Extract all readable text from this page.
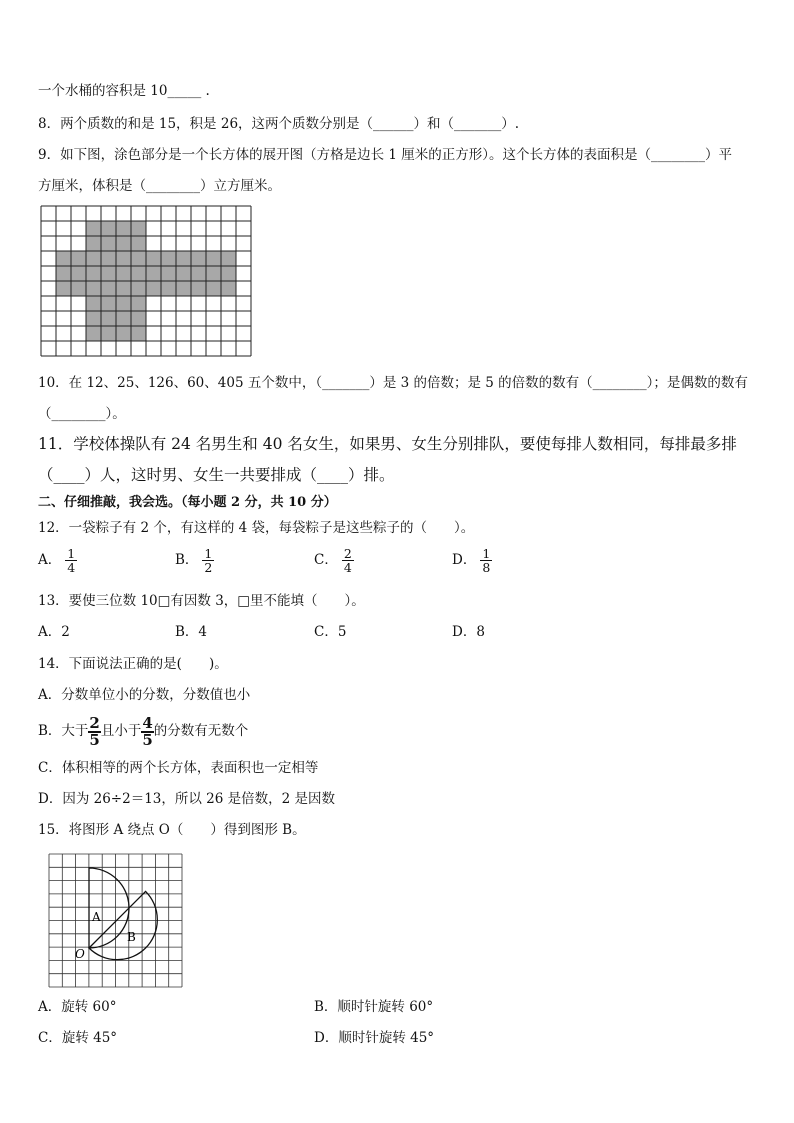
一个水桶的容积是 10_____ .
8．两个质数的和是 15，积是 26，这两个质数分别是（______）和（_______）.
9．如下图，涂色部分是一个长方体的展开图（方格是边长 1 厘米的正方形）。这个长方体的表面积是（________）平
方厘米，体积是（________）立方厘米。
10．在 12、25、126、60、405 五个数中，（_______）是 3 的倍数；是 5 的倍数的数有（________）；是偶数的数有
（________）。
11．学校体操队有 24 名男生和 40 名女生，如果男、女生分别排队，要使每排人数相同，每排最多排
（____）人，这时男、女生一共要排成（____）排。
二、仔细推敲，我会选。（每小题 2 分，共 10 分）
12．一袋粽子有 2 个，有这样的 4 袋，每袋粽子是这些粽子的（　　）。
A． $\frac{1}{4}$	B． $\frac{1}{2}$	C． $\frac{2}{4}$	D． $\frac{1}{8}$
13．要使三位数 10□有因数 3，□里不能填（　　）。
A．2	B．4	C．5	D．8
14．下面说法正确的是(　　)。
A．分数单位小的分数，分数值也小
B．大于 $\frac{2}{5}$ 且小于 $\frac{4}{5}$ 的分数有无数个
C．体积相等的两个长方体，表面积也一定相等
D．因为 26÷2＝13，所以 26 是倍数，2 是因数
15．将图形 A 绕点 O（　　）得到图形 B。
A
B
O
A．旋转 60°	B．顺时针旋转 60°
C．旋转 45°	D．顺时针旋转 45°
